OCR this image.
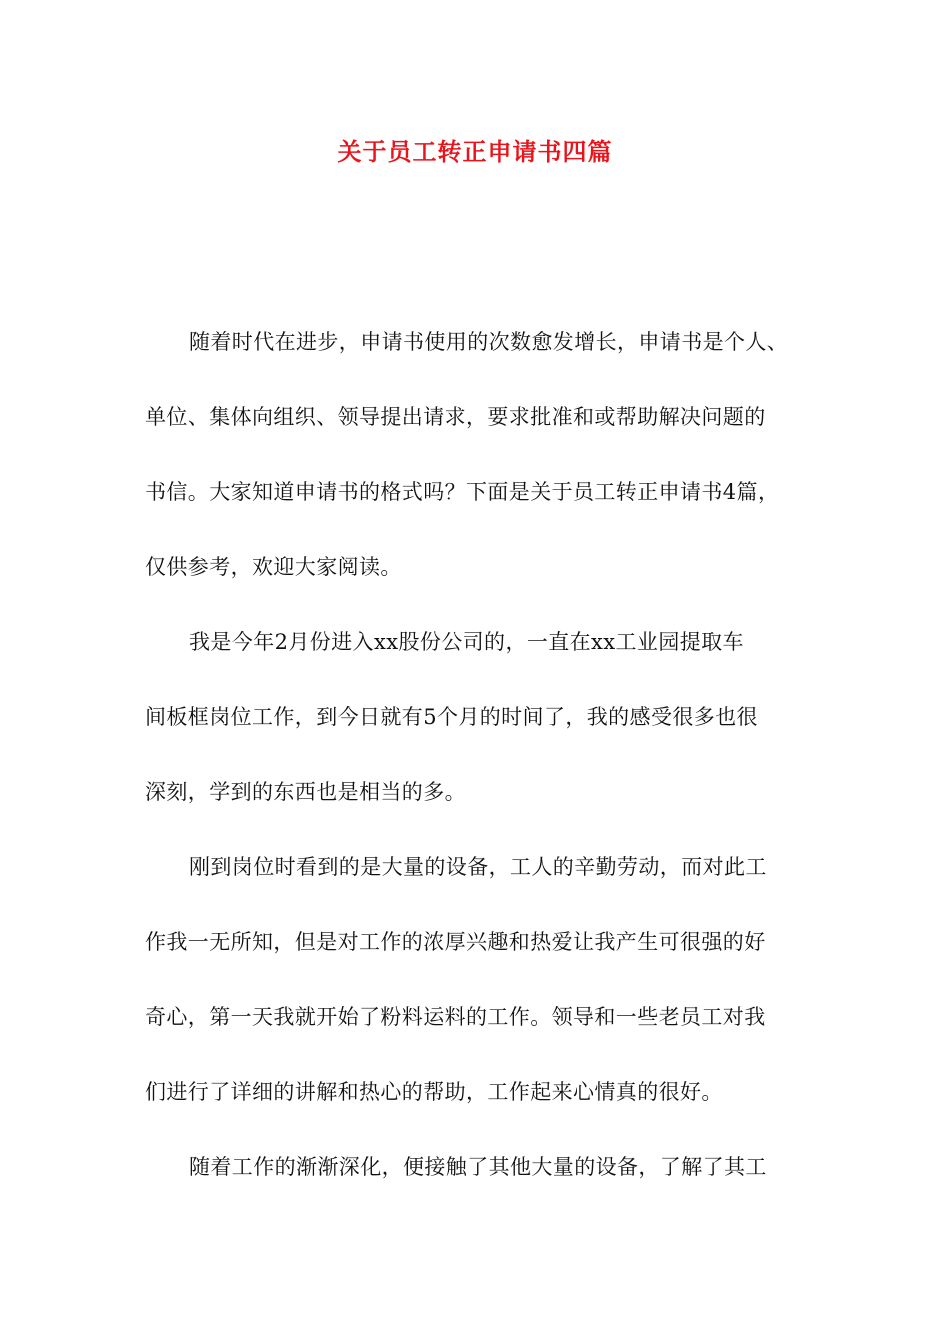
关于员工转正申请书四篇
随着时代在进步，申请书使用的次数愈发增长，申请书是个人、
单位、集体向组织、领导提出请求，要求批准和或帮助解决问题的
书信。大家知道申请书的格式吗？下面是关于员工转正申请书4篇，
仅供参考，欢迎大家阅读。
我是今年2月份进入xx股份公司的，一直在xx工业园提取车
间板框岗位工作，到今日就有5个月的时间了，我的感受很多也很
深刻，学到的东西也是相当的多。
刚到岗位时看到的是大量的设备，工人的辛勤劳动，而对此工
作我一无所知，但是对工作的浓厚兴趣和热爱让我产生可很强的好
奇心，第一天我就开始了粉料运料的工作。领导和一些老员工对我
们进行了详细的讲解和热心的帮助，工作起来心情真的很好。
随着工作的渐渐深化，便接触了其他大量的设备，了解了其工
